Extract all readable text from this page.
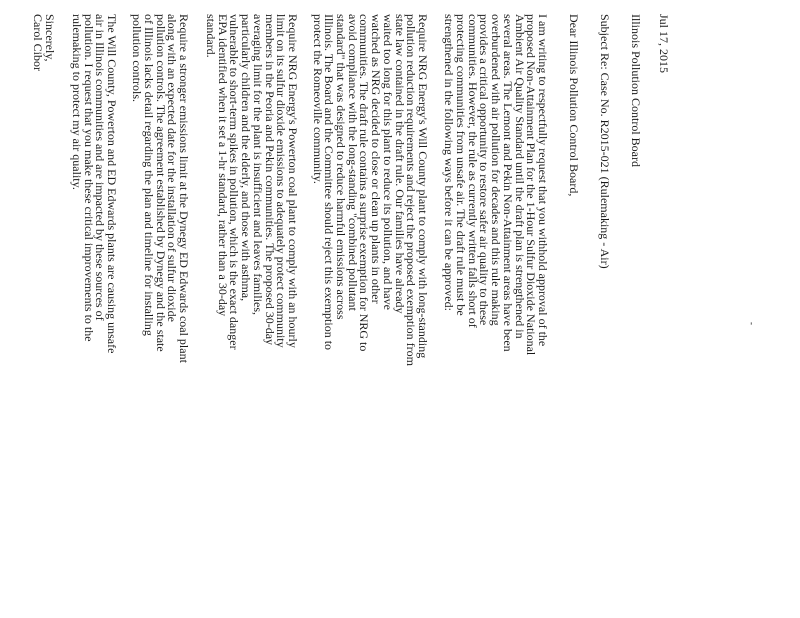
-
Jul 17, 2015
Illinois Pollution Control Board
Subject Re: Case No. R2015-021 (Rulemaking - Air)
Dear Illinois Pollution Control Board,
I am writing to respectfully request that you withhold approval of the
proposed Non-Attainment Plan for the 1-Hour Sulfur Dioxide National
Ambient Air Quality Standard until the draft plan is strengthened in
several areas. The Lemont and Pekin Non-Attainment areas have been
overburdened with air pollution for decades and this rule making
provides a critical opportunity to restore safer air quality to these
communities. However, the rule as currently written falls short of
protecting communities from unsafe air. The draft rule must be
strengthened in the following ways before it can be approved:
Require NRG Energy's Will County plant to comply with long-standing
pollution reduction requirements and reject the proposed exemption from
state law contained in the draft rule. Our families have already
waited too long for this plant to reduce its pollution, and have
watched as NRG decided to close or clean up plants in other
communities. The draft rule contains a surprise exemption for NRG to
avoid compliance with the long-standing "combined pollutant
standard" that was designed to reduce harmful emissions across
Illinois. The Board and the Committee should reject this exemption to
protect the Romeoville community.
Require NRG Energy's Powerton coal plant to comply with an hourly
limit on its sulfur dioxide emissions to adequately protect community
members in the Peoria and Pekin communities. The proposed 30-day
averaging limit for the plant is insufficient and leaves families,
particularly children and the elderly, and those with asthma,
vulnerable to short-term spikes in pollution, which is the exact danger
EPA identified when it set a 1-hr standard, rather than a 30-day
standard.
Require a stronger emissions limit at the Dynegy ED Edwards coal plant
along with an expected date for the installation of sulfur dioxide
pollution controls. The agreement established by Dynegy and the state
of Illinois lacks detail regarding the plan and timeline for installing
pollution controls.
The Will County, Powerton and ED Edwards plants are causing unsafe
air in Illinois communities and are impacted by these sources of
pollution. I request that you make these critical improvements to the
rulemaking to protect my air quality.
Sincerely,
Carol Cibor
